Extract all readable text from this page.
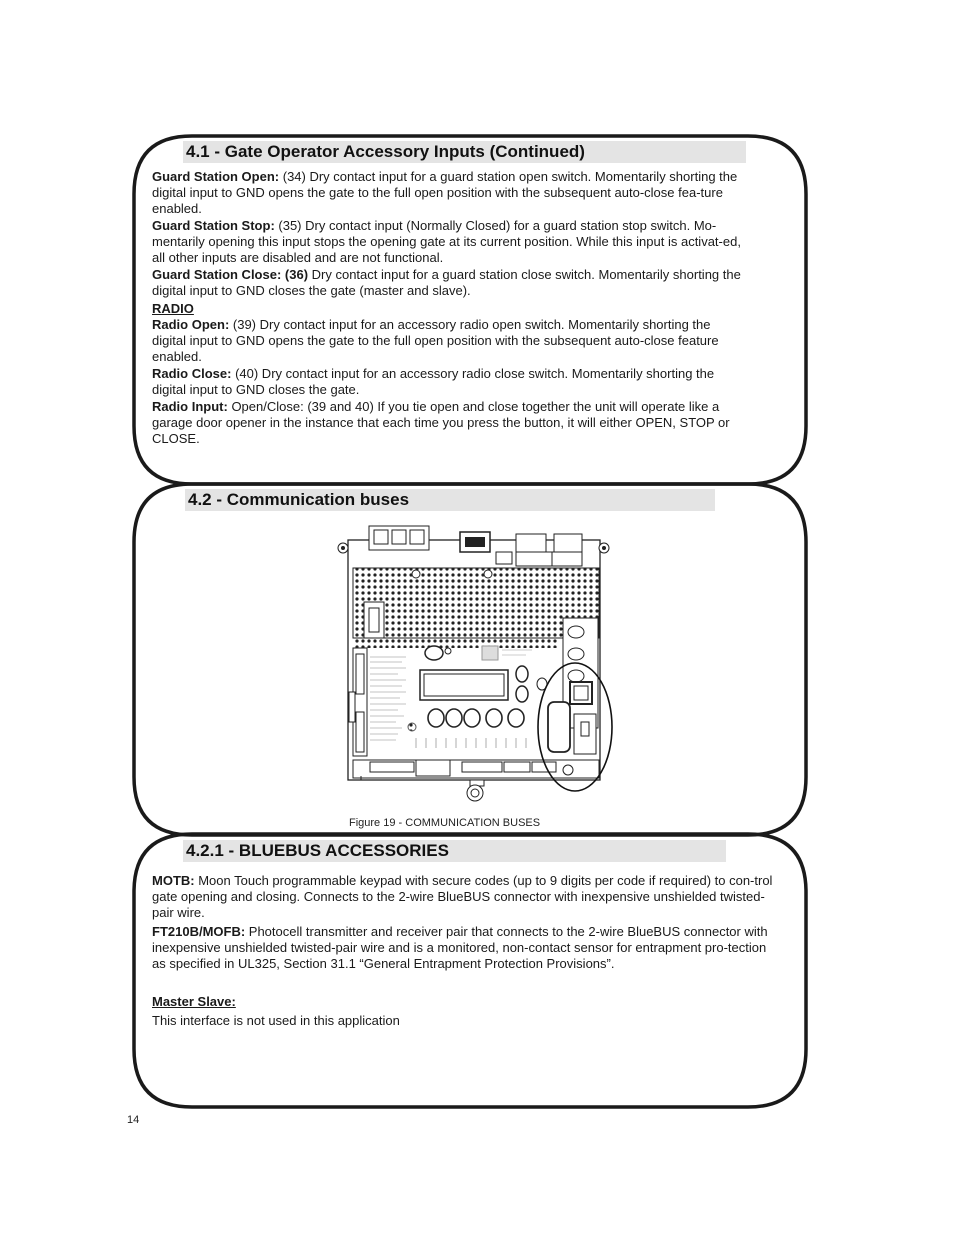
4.1 - Gate Operator Accessory Inputs (Continued)

Guard Station Open: (34) Dry contact input for a guard station open switch. Momentarily shorting the digital input to GND opens the gate to the full open position with the subsequent auto-close fea-ture enabled.

Guard Station Stop: (35) Dry contact input (Normally Closed) for a guard station stop switch. Mo-mentarily opening this input stops the opening gate at its current position. While this input is activat-ed, all other inputs are disabled and are not functional.

Guard Station Close: (36) Dry contact input for a guard station close switch. Momentarily shorting the digital input to GND closes the gate (master and slave).

RADIO

Radio Open: (39) Dry contact input for an accessory radio open switch. Momentarily shorting the digital input to GND opens the gate to the full open position with the subsequent auto-close feature enabled.

Radio Close: (40) Dry contact input for an accessory radio close switch. Momentarily shorting the digital input to GND closes the gate.

Radio Input: Open/Close: (39 and 40) If you tie open and close together the unit will operate like a garage door opener in the instance that each time you press the button, it will either OPEN, STOP or CLOSE.

4.2 - Communication buses
Figure 19 - COMMUNICATION BUSES
4.2.1 - BLUEBUS ACCESSORIES

MOTB: Moon Touch programmable keypad with secure codes (up to 9 digits per code if required) to con-trol gate opening and closing. Connects to the 2-wire BlueBUS connector with inexpensive unshielded twisted-pair wire.

FT210B/MOFB: Photocell transmitter and receiver pair that connects to the 2-wire BlueBUS connector with inexpensive unshielded twisted-pair wire and is a monitored, non-contact sensor for entrapment pro-tection as specified in UL325, Section 31.1 “General Entrapment Protection Provisions”.

Master Slave:

This interface is not used in this application

14
